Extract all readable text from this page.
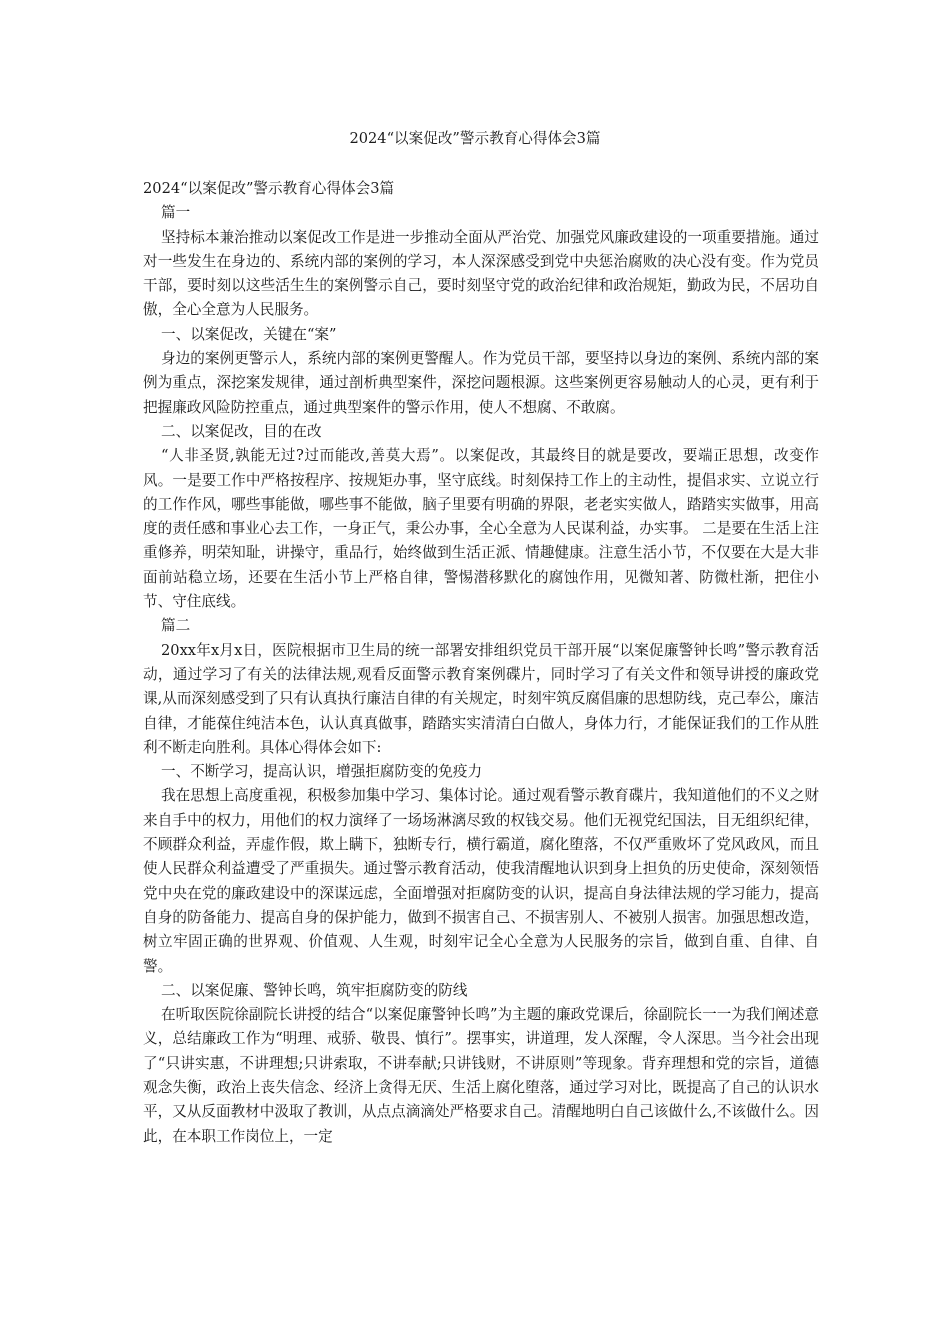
2024“以案促改”警示教育心得体会3篇

2024“以案促改”警示教育心得体会3篇

篇一

坚持标本兼治推动以案促改工作是进一步推动全面从严治党、加强党风廉政建设的一项重要措施。通过对一些发生在身边的、系统内部的案例的学习，本人深深感受到党中央惩治腐败的决心没有变。作为党员干部，要时刻以这些活生生的案例警示自己，要时刻坚守党的政治纪律和政治规矩，勤政为民，不居功自傲，全心全意为人民服务。

一、以案促改，关键在“案”

身边的案例更警示人，系统内部的案例更警醒人。作为党员干部，要坚持以身边的案例、系统内部的案例为重点，深挖案发规律，通过剖析典型案件，深挖问题根源。这些案例更容易触动人的心灵，更有利于把握廉政风险防控重点，通过典型案件的警示作用，使人不想腐、不敢腐。

二、以案促改，目的在改

“人非圣贤,孰能无过?过而能改,善莫大焉”。以案促改，其最终目的就是要改，要端正思想，改变作风。一是要工作中严格按程序、按规矩办事，坚守底线。时刻保持工作上的主动性，提倡求实、立说立行的工作作风，哪些事能做，哪些事不能做，脑子里要有明确的界限，老老实实做人，踏踏实实做事，用高度的责任感和事业心去工作，一身正气，秉公办事，全心全意为人民谋利益，办实事。 二是要在生活上注重修养，明荣知耻，讲操守，重品行，始终做到生活正派、情趣健康。注意生活小节，不仅要在大是大非面前站稳立场，还要在生活小节上严格自律，警惕潜移默化的腐蚀作用，见微知著、防微杜渐，把住小节、守住底线。

篇二

20xx年x月x日，医院根据市卫生局的统一部署安排组织党员干部开展“以案促廉警钟长鸣”警示教育活动，通过学习了有关的法律法规,观看反面警示教育案例碟片，同时学习了有关文件和领导讲授的廉政党课,从而深刻感受到了只有认真执行廉洁自律的有关规定，时刻牢筑反腐倡廉的思想防线，克己奉公，廉洁自律，才能葆住纯洁本色，认认真真做事，踏踏实实清清白白做人，身体力行，才能保证我们的工作从胜利不断走向胜利。具体心得体会如下:

一、不断学习，提高认识，增强拒腐防变的免疫力

我在思想上高度重视，积极参加集中学习、集体讨论。通过观看警示教育碟片，我知道他们的不义之财来自手中的权力，用他们的权力演绎了一场场淋漓尽致的权钱交易。他们无视党纪国法，目无组织纪律，不顾群众利益，弄虚作假，欺上瞒下，独断专行，横行霸道，腐化堕落，不仅严重败坏了党风政风，而且使人民群众利益遭受了严重损失。通过警示教育活动，使我清醒地认识到身上担负的历史使命，深刻领悟党中央在党的廉政建设中的深谋远虑，全面增强对拒腐防变的认识，提高自身法律法规的学习能力，提高自身的防备能力、提高自身的保护能力，做到不损害自己、不损害别人、不被别人损害。加强思想改造，树立牢固正确的世界观、价值观、人生观，时刻牢记全心全意为人民服务的宗旨，做到自重、自律、自警。

二、以案促廉、警钟长鸣，筑牢拒腐防变的防线

在听取医院徐副院长讲授的结合“以案促廉警钟长鸣”为主题的廉政党课后，徐副院长一一为我们阐述意义，总结廉政工作为“明理、戒骄、敬畏、慎行”。摆事实，讲道理，发人深醒，令人深思。当今社会出现了“只讲实惠，不讲理想;只讲索取，不讲奉献;只讲钱财，不讲原则”等现象。背弃理想和党的宗旨，道德观念失衡，政治上丧失信念、经济上贪得无厌、生活上腐化堕落，通过学习对比，既提高了自己的认识水平，又从反面教材中汲取了教训，从点点滴滴处严格要求自己。清醒地明白自己该做什么,不该做什么。因此，在本职工作岗位上，一定
